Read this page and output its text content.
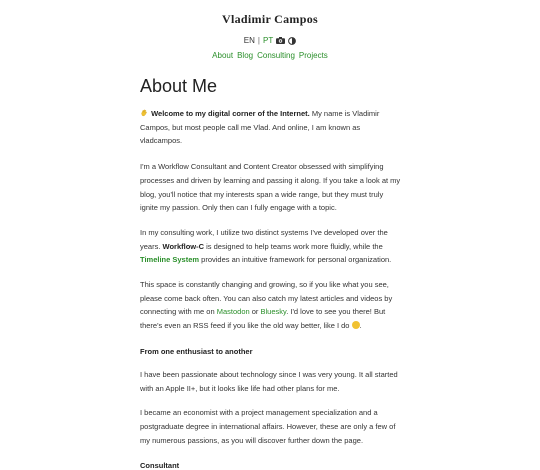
Vladimir Campos
EN | PT
About Blog Consulting Projects
About Me

Welcome to my digital corner of the Internet. My name is Vladimir Campos, but most people call me Vlad. And online, I am known as vladcampos.

I'm a Workflow Consultant and Content Creator obsessed with simplifying processes and driven by learning and passing it along. If you take a look at my blog, you'll notice that my interests span a wide range, but they must truly ignite my passion. Only then can I fully engage with a topic.

In my consulting work, I utilize two distinct systems I've developed over the years. Workflow-C is designed to help teams work more fluidly, while the Timeline System provides an intuitive framework for personal organization.

This space is constantly changing and growing, so if you like what you see, please come back often. You can also catch my latest articles and videos by connecting with me on Mastodon or Bluesky. I'd love to see you there! But there's even an RSS feed if you like the old way better, like I do .

From one enthusiast to another

I have been passionate about technology since I was very young. It all started with an Apple II+, but it looks like life had other plans for me.

I became an economist with a project management specialization and a postgraduate degree in international affairs. However, these are only a few of my numerous passions, as you will discover further down the page.

Consultant
